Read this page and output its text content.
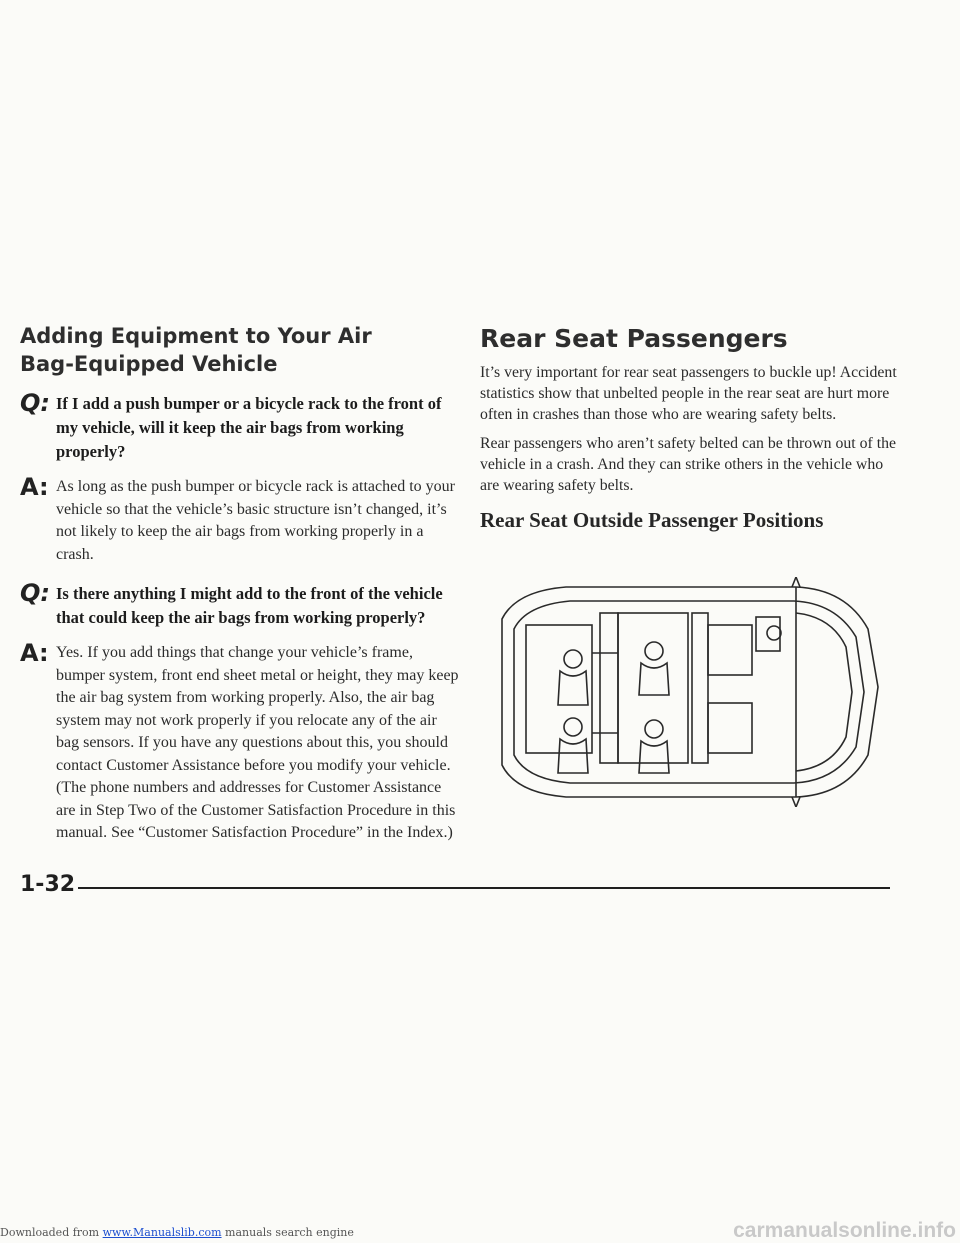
Adding Equipment to Your Air
Bag-Equipped Vehicle
Q: If I add a push bumper or a bicycle rack to the front of my vehicle, will it keep the air bags from working properly?
A: As long as the push bumper or bicycle rack is attached to your vehicle so that the vehicle’s basic structure isn’t changed, it’s not likely to keep the air bags from working properly in a crash.
Q: Is there anything I might add to the front of the vehicle that could keep the air bags from working properly?
A: Yes. If you add things that change your vehicle’s frame, bumper system, front end sheet metal or height, they may keep the air bag system from working properly. Also, the air bag system may not work properly if you relocate any of the air bag sensors. If you have any questions about this, you should contact Customer Assistance before you modify your vehicle. (The phone numbers and addresses for Customer Assistance are in Step Two of the Customer Satisfaction Procedure in this manual. See “Customer Satisfaction Procedure” in the Index.)
Rear Seat Passengers

It’s very important for rear seat passengers to buckle up! Accident statistics show that unbelted people in the rear seat are hurt more often in crashes than those who are wearing safety belts.

Rear passengers who aren’t safety belted can be thrown out of the vehicle in a crash. And they can strike others in the vehicle who are wearing safety belts.

Rear Seat Outside Passenger Positions
1-32
Downloaded from www.Manualslib.com manuals search engine	carmanualsonline.info
